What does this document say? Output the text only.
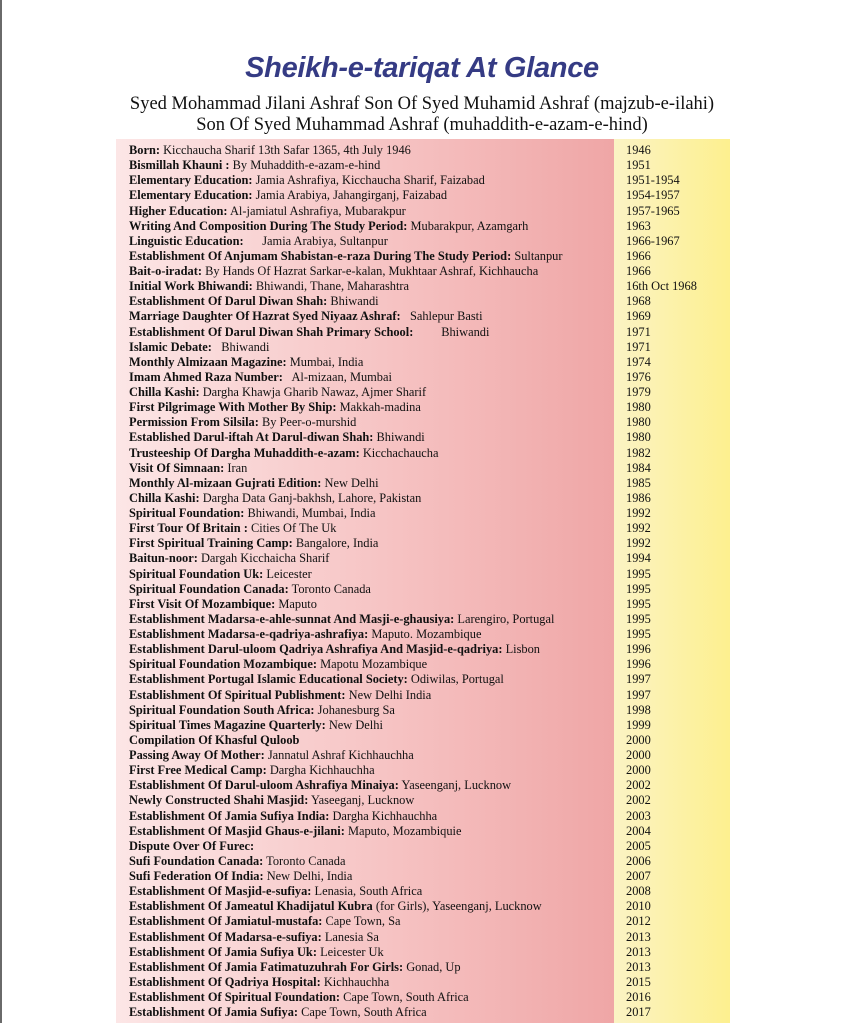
Sheikh-e-tariqat At Glance
Syed Mohammad Jilani Ashraf Son Of Syed Muhamid Ashraf (majzub-e-ilahi)
Son Of Syed Muhammad Ashraf (muhaddith-e-azam-e-hind)
Born: Kicchaucha Sharif 13th Safar 1365, 4th July 1946	1946
Bismillah Khauni : By Muhaddith-e-azam-e-hind	1951
Elementary Education: Jamia Ashrafiya, Kicchaucha Sharif, Faizabad	1951-1954
Elementary Education: Jamia Arabiya, Jahangirganj, Faizabad	1954-1957
Higher Education: Al-jamiatul Ashrafiya, Mubarakpur	1957-1965
Writing And Composition During The Study Period: Mubarakpur, Azamgarh	1963
Linguistic Education:      Jamia Arabiya, Sultanpur	1966-1967
Establishment Of Anjumam Shabistan-e-raza During The Study Period: Sultanpur	1966
Bait-o-iradat: By Hands Of Hazrat Sarkar-e-kalan, Mukhtaar Ashraf, Kichhaucha	1966
Initial Work Bhiwandi: Bhiwandi, Thane, Maharashtra	16th Oct 1968
Establishment Of Darul Diwan Shah: Bhiwandi	1968
Marriage Daughter Of Hazrat Syed Niyaaz Ashraf:   Sahlepur Basti	1969
Establishment Of Darul Diwan Shah Primary School:         Bhiwandi	1971
Islamic Debate:   Bhiwandi	1971
Monthly Almizaan Magazine: Mumbai, India	1974
Imam Ahmed Raza Number:   Al-mizaan, Mumbai	1976
Chilla Kashi: Dargha Khawja Gharib Nawaz, Ajmer Sharif	1979
First Pilgrimage With Mother By Ship: Makkah-madina	1980
Permission From Silsila: By Peer-o-murshid	1980
Established Darul-iftah At Darul-diwan Shah: Bhiwandi	1980
Trusteeship Of Dargha Muhaddith-e-azam: Kicchachaucha	1982
Visit Of Simnaan: Iran	1984
Monthly Al-mizaan Gujrati Edition: New Delhi	1985
Chilla Kashi: Dargha Data Ganj-bakhsh, Lahore, Pakistan	1986
Spiritual Foundation: Bhiwandi, Mumbai, India	1992
First Tour Of Britain : Cities Of The Uk	1992
First Spiritual Training Camp: Bangalore, India	1992
Baitun-noor: Dargah Kicchaicha Sharif	1994
Spiritual Foundation Uk: Leicester	1995
Spiritual Foundation Canada: Toronto Canada	1995
First Visit Of Mozambique: Maputo	1995
Establishment Madarsa-e-ahle-sunnat And Masji-e-ghausiya: Larengiro, Portugal	1995
Establishment Madarsa-e-qadriya-ashrafiya: Maputo. Mozambique	1995
Establishment Darul-uloom Qadriya Ashrafiya And Masjid-e-qadriya: Lisbon	1996
Spiritual Foundation Mozambique: Mapotu Mozambique	1996
Establishment Portugal Islamic Educational Society: Odiwilas, Portugal	1997
Establishment Of Spiritual Publishment: New Delhi India	1997
Spiritual Foundation South Africa: Johanesburg Sa	1998
Spiritual Times Magazine Quarterly: New Delhi	1999
Compilation Of Khasful Quloob	2000
Passing Away Of Mother: Jannatul Ashraf Kichhauchha	2000
First Free Medical Camp: Dargha Kichhauchha	2000
Establishment Of Darul-uloom Ashrafiya Minaiya: Yaseenganj, Lucknow	2002
Newly Constructed Shahi Masjid: Yaseeganj, Lucknow	2002
Establishment Of Jamia Sufiya India: Dargha Kichhauchha	2003
Establishment Of Masjid Ghaus-e-jilani: Maputo, Mozambiquie	2004
Dispute Over Of Furec:	2005
Sufi Foundation Canada: Toronto Canada	2006
Sufi Federation Of India: New Delhi, India	2007
Establishment Of Masjid-e-sufiya: Lenasia, South Africa	2008
Establishment Of Jameatul Khadijatul Kubra (for Girls), Yaseenganj, Lucknow	2010
Establishment Of Jamiatul-mustafa: Cape Town, Sa	2012
Establishment Of Madarsa-e-sufiya: Lanesia Sa	2013
Establishment Of Jamia Sufiya Uk: Leicester Uk	2013
Establishment Of Jamia Fatimatuzuhrah For Girls: Gonad, Up	2013
Establishment Of Qadriya Hospital: Kichhauchha	2015
Establishment Of Spiritual Foundation: Cape Town, South Africa	2016
Establishment Of Jamia Sufiya: Cape Town, South Africa	2017
